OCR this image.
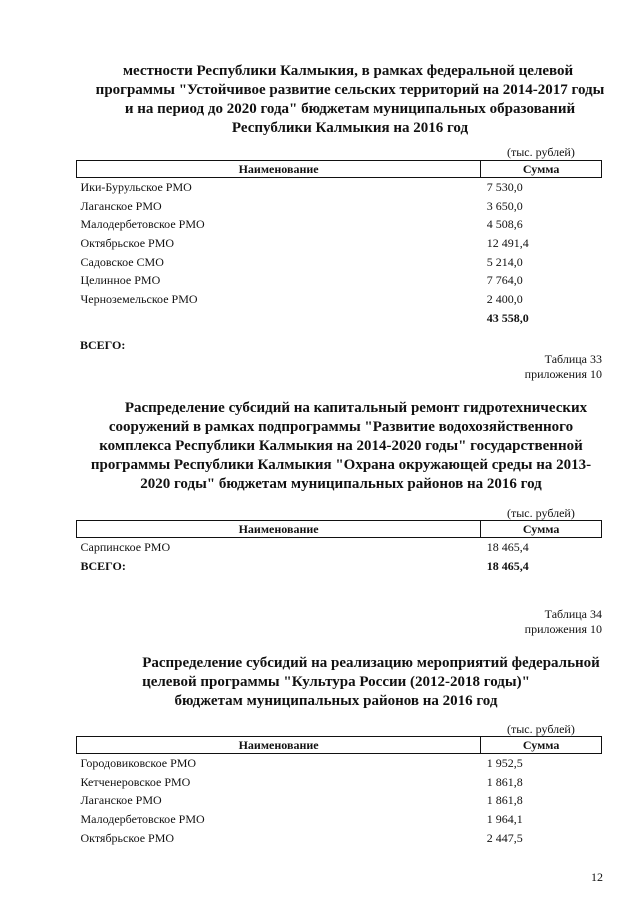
местности Республики Калмыкия, в рамках федеральной целевой
программы "Устойчивое развитие сельских территорий на 2014-2017 годы
и на период до 2020 года" бюджетам муниципальных образований
Республики Калмыкия на 2016 год
(тыс. рублей)
Наименование	Сумма
Ики-Бурульское РМО	7 530,0
Лаганское РМО	3 650,0
Малодербетовское РМО	4 508,6
Октябрьское РМО	12 491,4
Садовское СМО	5 214,0
Целинное РМО	7 764,0
Черноземельское РМО	2 400,0
	43 558,0
ВСЕГО:
Таблица 33
приложения 10
Распределение субсидий на капитальный ремонт гидротехнических
сооружений в рамках подпрограммы "Развитие водохозяйственного
комплекса Республики Калмыкия на 2014-2020 годы" государственной
программы Республики Калмыкия "Охрана окружающей среды на 2013-
2020 годы" бюджетам муниципальных районов на 2016 год
(тыс. рублей)
Наименование	Сумма
Сарпинское РМО	18 465,4
ВСЕГО:	18 465,4
Таблица 34
приложения 10
Распределение субсидий на реализацию мероприятий федеральной
целевой программы "Культура России (2012-2018 годы)"
бюджетам муниципальных районов на 2016 год
(тыс. рублей)
Наименование	Сумма
Городовиковское РМО	1 952,5
Кетченеровское РМО	1 861,8
Лаганское РМО	1 861,8
Малодербетовское РМО	1 964,1
Октябрьское РМО	2 447,5
12
